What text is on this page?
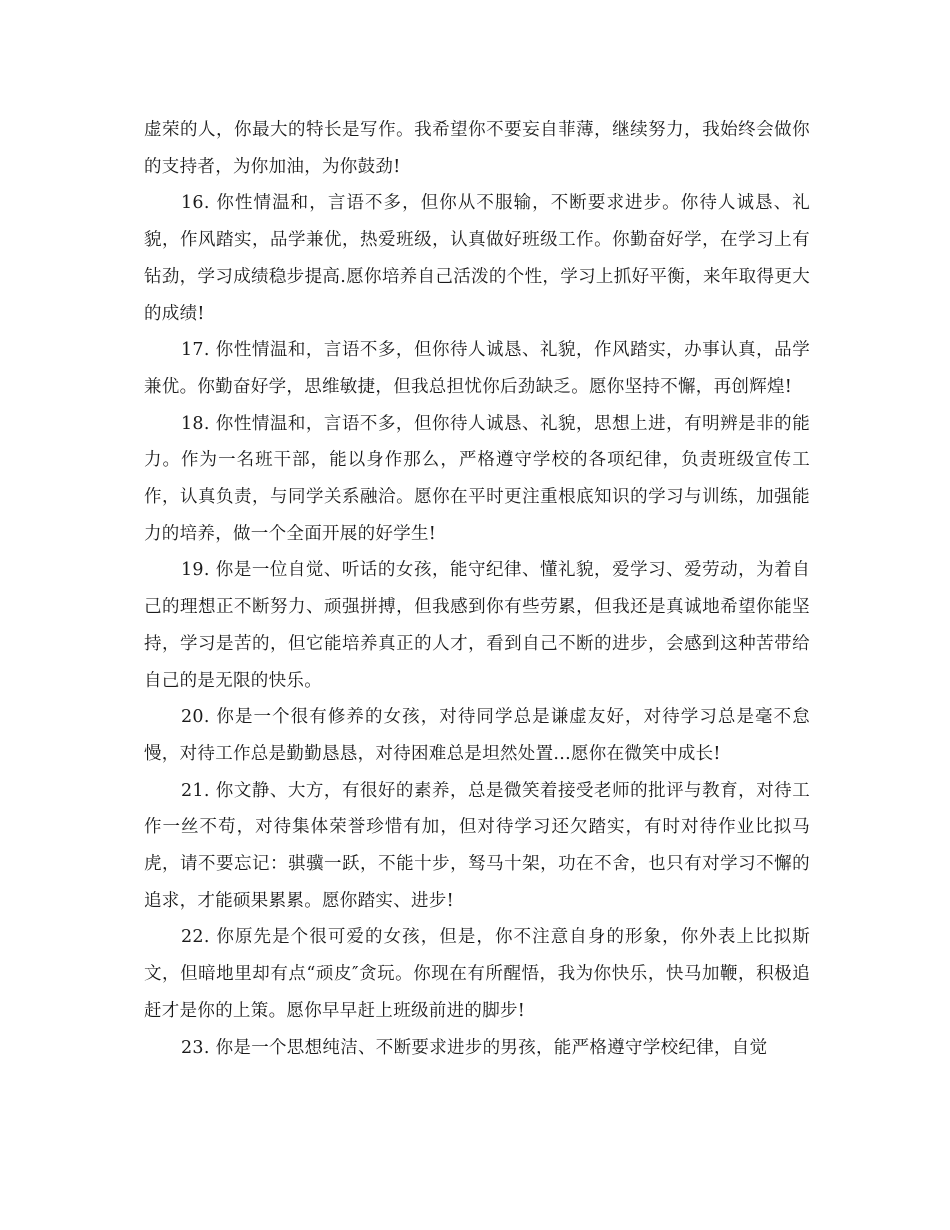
虚荣的人，你最大的特长是写作。我希望你不要妄自菲薄，继续努力，我始终会做你的支持者，为你加油，为你鼓劲!

16. 你性情温和，言语不多，但你从不服输，不断要求进步。你待人诚恳、礼貌，作风踏实，品学兼优，热爱班级，认真做好班级工作。你勤奋好学，在学习上有钻劲，学习成绩稳步提高.愿你培养自己活泼的个性，学习上抓好平衡，来年取得更大的成绩!

17. 你性情温和，言语不多，但你待人诚恳、礼貌，作风踏实，办事认真，品学兼优。你勤奋好学，思维敏捷，但我总担忧你后劲缺乏。愿你坚持不懈，再创辉煌!

18. 你性情温和，言语不多，但你待人诚恳、礼貌，思想上进，有明辨是非的能力。作为一名班干部，能以身作那么，严格遵守学校的各项纪律，负责班级宣传工作，认真负责，与同学关系融洽。愿你在平时更注重根底知识的学习与训练，加强能力的培养，做一个全面开展的好学生!

19. 你是一位自觉、听话的女孩，能守纪律、懂礼貌，爱学习、爱劳动，为着自己的理想正不断努力、顽强拼搏，但我感到你有些劳累，但我还是真诚地希望你能坚持，学习是苦的，但它能培养真正的人才，看到自己不断的进步，会感到这种苦带给自己的是无限的快乐。

20. 你是一个很有修养的女孩，对待同学总是谦虚友好，对待学习总是毫不怠慢，对待工作总是勤勤恳恳，对待困难总是坦然处置...愿你在微笑中成长!

21. 你文静、大方，有很好的素养，总是微笑着接受老师的批评与教育，对待工作一丝不苟，对待集体荣誉珍惜有加，但对待学习还欠踏实，有时对待作业比拟马虎，请不要忘记：骐骥一跃，不能十步，驽马十架，功在不舍，也只有对学习不懈的追求，才能硕果累累。愿你踏实、进步!

22. 你原先是个很可爱的女孩，但是，你不注意自身的形象，你外表上比拟斯文，但暗地里却有点“顽皮″贪玩。你现在有所醒悟，我为你快乐，快马加鞭，积极追赶才是你的上策。愿你早早赶上班级前进的脚步!

23. 你是一个思想纯洁、不断要求进步的男孩，能严格遵守学校纪律，自觉
